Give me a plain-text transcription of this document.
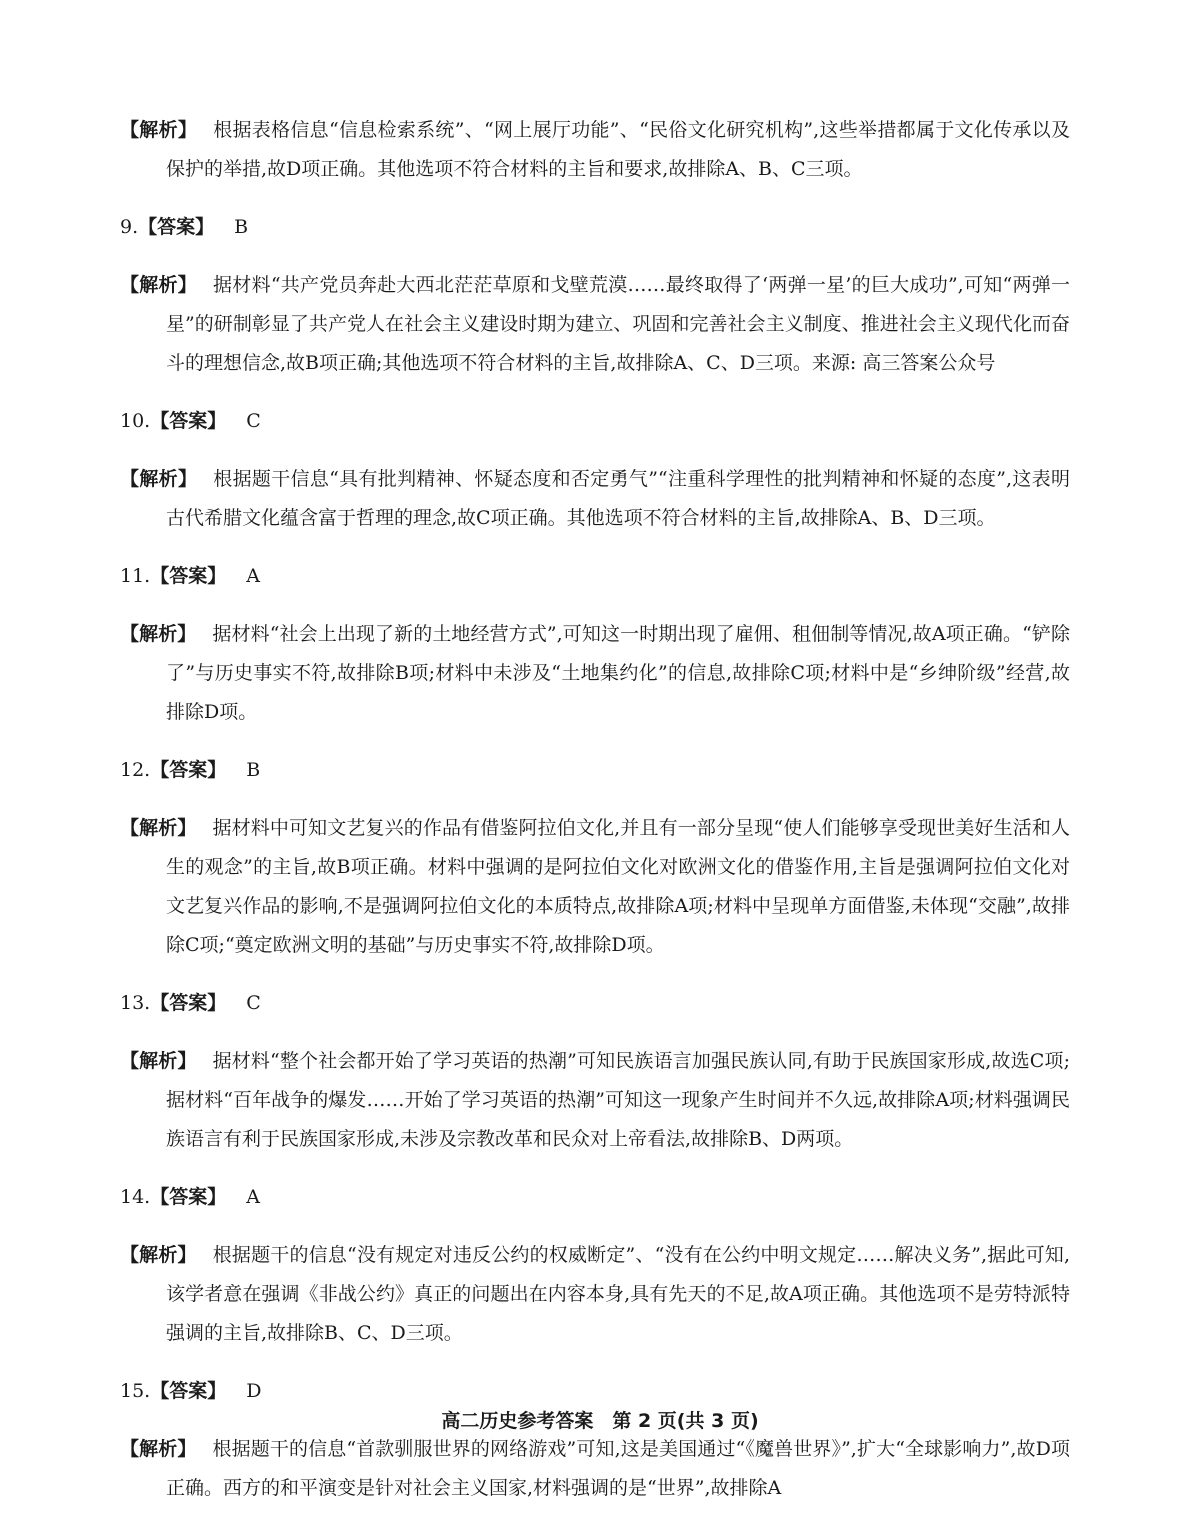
【解析】 根据表格信息“信息检索系统”、“网上展厅功能”、“民俗文化研究机构”,这些举措都属于文化传承以及保护的举措,故D项正确。其他选项不符合材料的主旨和要求,故排除A、B、C三项。

9.【答案】 B

【解析】 据材料“共产党员奔赴大西北茫茫草原和戈壁荒漠……最终取得了‘两弹一星’的巨大成功”,可知“两弹一星”的研制彰显了共产党人在社会主义建设时期为建立、巩固和完善社会主义制度、推进社会主义现代化而奋斗的理想信念,故B项正确;其他选项不符合材料的主旨,故排除A、C、D三项。来源: 高三答案公众号

10.【答案】 C

【解析】 根据题干信息“具有批判精神、怀疑态度和否定勇气”“注重科学理性的批判精神和怀疑的态度”,这表明古代希腊文化蕴含富于哲理的理念,故C项正确。其他选项不符合材料的主旨,故排除A、B、D三项。

11.【答案】 A

【解析】 据材料“社会上出现了新的土地经营方式”,可知这一时期出现了雇佣、租佃制等情况,故A项正确。“铲除了”与历史事实不符,故排除B项;材料中未涉及“土地集约化”的信息,故排除C项;材料中是“乡绅阶级”经营,故排除D项。

12.【答案】 B

【解析】 据材料中可知文艺复兴的作品有借鉴阿拉伯文化,并且有一部分呈现“使人们能够享受现世美好生活和人生的观念”的主旨,故B项正确。材料中强调的是阿拉伯文化对欧洲文化的借鉴作用,主旨是强调阿拉伯文化对文艺复兴作品的影响,不是强调阿拉伯文化的本质特点,故排除A项;材料中呈现单方面借鉴,未体现“交融”,故排除C项;“奠定欧洲文明的基础”与历史事实不符,故排除D项。

13.【答案】 C

【解析】 据材料“整个社会都开始了学习英语的热潮”可知民族语言加强民族认同,有助于民族国家形成,故选C项;据材料“百年战争的爆发……开始了学习英语的热潮”可知这一现象产生时间并不久远,故排除A项;材料强调民族语言有利于民族国家形成,未涉及宗教改革和民众对上帝看法,故排除B、D两项。

14.【答案】 A

【解析】 根据题干的信息“没有规定对违反公约的权威断定”、“没有在公约中明文规定……解决义务”,据此可知,该学者意在强调《非战公约》真正的问题出在内容本身,具有先天的不足,故A项正确。其他选项不是劳特派特强调的主旨,故排除B、C、D三项。

15.【答案】 D

【解析】 根据题干的信息“首款驯服世界的网络游戏”可知,这是美国通过“《魔兽世界》”,扩大“全球影响力”,故D项正确。西方的和平演变是针对社会主义国家,材料强调的是“世界”,故排除A

高二历史参考答案　第 2 页(共 3 页)
